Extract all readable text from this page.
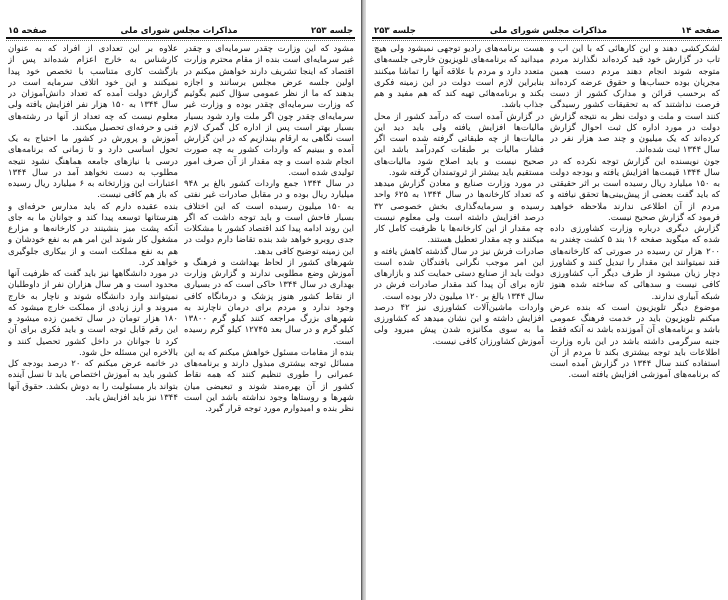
صفحه ۱۵	مذاکرات مجلس شورای ملی	جلسه ۲۵۳

مشود که این وزارت چقدر سرمایه‌ای و چقدر غیر سرمایه‌ای است بنده از مقام محترم وزارت اقتصاد که اینجا تشریف دارند خواهش میکنم در اولین جلسه عرض مجلس برسانند و اجازه بدهند که ما از نظر عمومی سؤال کنیم بگوئیم که وزارت سرمایه‌ای چقدر بوده و وزارت غیر سرمایه‌ای چقدر چون اگر ملت وارد شود بسیار بسیار بهتر است پس از اداره کل گمرک لازم است نگاهی به ارقام بیندازیم که در این گزارش آمده و ببینیم که واردات کشور به چه صورت انجام شده است و چه مقدار از آن صرف امور تولیدی شده است.

در سال ۱۳۴۴ جمع واردات کشور بالغ بر ۹۴۸ میلیارد ریال بوده و در مقابل صادرات غیر نفتی به ۱۵۰ میلیون رسیده است که این اختلاف بسیار فاحش است و باید توجه داشت که اگر این روند ادامه پیدا کند اقتصاد کشور با مشکلات جدی روبرو خواهد شد بنده تقاضا دارم دولت در این زمینه توضیح کافی بدهد.

شهرهای کشور از لحاظ بهداشت و فرهنگ و آموزش وضع مطلوبی ندارند و گزارش وزارت بهداری در سال ۱۳۴۴ حاکی است که در بسیاری از نقاط کشور هنوز پزشک و درمانگاه کافی وجود ندارد و مردم برای درمان ناچارند به شهرهای بزرگ مراجعه کنند کیلو گرم ۱۳۸۰۰ کیلو گرم و در سال بعد ۱۲۷۴۵ کیلو گرم رسیده است.

بنده از مقامات مسئول خواهش میکنم که به این مسائل توجه بیشتری مبذول دارند و برنامه‌های عمرانی را طوری تنظیم کنند که همه نقاط کشور از آن بهره‌مند شوند و تبعیضی میان شهرها و روستاها وجود نداشته باشد این است نظر بنده و امیدوارم مورد توجه قرار گیرد.

علاوه بر این تعدادی از افراد که به عنوان کارشناس به خارج اعزام شده‌اند پس از بازگشت کاری متناسب با تخصص خود پیدا نمیکنند و این خود اتلاف سرمایه است در گزارش دولت آمده که تعداد دانش‌آموزان در سال ۱۳۴۴ به ۱۵۰ هزار نفر افزایش یافته ولی معلوم نیست که چه تعداد از آنها در رشته‌های فنی و حرفه‌ای تحصیل میکنند.

آموزش و پرورش در کشور ما احتیاج به یک تحول اساسی دارد و تا زمانی که برنامه‌های درسی با نیازهای جامعه هماهنگ نشود نتیجه مطلوب به دست نخواهد آمد در سال ۱۳۴۴ اعتبارات این وزارتخانه به ۶ میلیارد ریال رسیده که باز هم کافی نیست.

بنده عقیده دارم که باید مدارس حرفه‌ای و هنرستانها توسعه پیدا کند و جوانان ما به جای آنکه پشت میز بنشینند در کارخانه‌ها و مزارع مشغول کار شوند این امر هم به نفع خودشان و هم به نفع مملکت است و از بیکاری جلوگیری خواهد کرد.

در مورد دانشگاهها نیز باید گفت که ظرفیت آنها محدود است و هر سال هزاران نفر از داوطلبان نمیتوانند وارد دانشگاه شوند و ناچار به خارج میروند و ارز زیادی از مملکت خارج میشود که ۱۸۰ هزار تومان در سال تخمین زده میشود و این رقم قابل توجه است و باید فکری برای آن کرد تا جوانان در داخل کشور تحصیل کنند و بالاخره این مسئله حل شود.

در خاتمه عرض میکنم که ۲۰ درصد بودجه کل کشور باید به آموزش اختصاص یابد تا نسل آینده بتواند بار مسئولیت را به دوش بکشد. حقوق آنها ۱۳۴۴ نیز باید افزایش یابد.

جلسه ۲۵۳	مذاکرات مجلس شورای ملی	صفحه ۱۴

لشکرکشی دهند و این کارهائی که با این آب و تاب در گزارش خود قید کرده‌اند نگذارند مردم متوجه شوند انجام دهند مردم دست همین مجریان بوده حساب‌ها و حقوق عرضه کرده‌اند که برحسب قرائن و مدارک کشور از دست فرصت نداشتند که به تحقیقات کشور رسیدگی کنند است و ملت و دولت نظر به نتیجه گزارش دولت در مورد اداره کل ثبت احوال گزارش کرده‌اند که یک میلیون و چند صد هزار نفر در سال ۱۳۴۴ ثبت شده‌اند.

جون نویسنده این گزارش توجه نکرده که در سال ۱۳۴۴ قیمت‌ها افزایش یافته و بودجه دولت به ۱۵۰ میلیارد ریال رسیده است بر اثر حقیقتی که باید گفت بعضی از پیش‌بینی‌ها تحقق نیافته و مردم از آن اطلاعی ندارند ملاحظه خواهید فرمود که گزارش صحیح نیست.

گزارش دیگری درباره وزارت کشاورزی داده شده که میگوید صفحه ۱۶ بند ۵ کشت چغندر به ۲۰۰ هزار تن رسیده در صورتی که کارخانه‌های قند نمیتوانند این مقدار را تبدیل کنند و کشاورز دچار زیان میشود از طرف دیگر آب کشاورزی کافی نیست و سدهائی که ساخته شده هنوز شبکه آبیاری ندارند.

موضوع دیگر تلویزیون است که بنده عرض میکنم تلویزیون باید در خدمت فرهنگ عمومی باشد و برنامه‌های آن آموزنده باشد نه آنکه فقط جنبه سرگرمی داشته باشد در این باره وزارت اطلاعات باید توجه بیشتری بکند تا مردم از آن استفاده کنند سال ۱۳۴۴ در گزارش آمده است که برنامه‌های آموزشی افزایش یافته است.

هست برنامه‌های رادیو توجهی نمیشود ولی هیچ میدانید که برنامه‌های تلویزیون خارجی جلسه‌های متعدد دارد و مردم با علاقه آنها را تماشا میکنند بنابراین لازم است دولت در این زمینه فکری بکند و برنامه‌هائی تهیه کند که هم مفید و هم جذاب باشد.

در گزارش آمده است که درآمد کشور از محل مالیات‌ها افزایش یافته ولی باید دید این مالیات‌ها از چه طبقاتی گرفته شده است اگر فشار مالیات بر طبقات کم‌درآمد باشد این صحیح نیست و باید اصلاح شود مالیات‌های مستقیم باید بیشتر از ثروتمندان گرفته شود.

در مورد وزارت صنایع و معادن گزارش میدهد که تعداد کارخانه‌ها در سال ۱۳۴۴ به ۶۲۵ واحد رسیده و سرمایه‌گذاری بخش خصوصی ۳۲ درصد افزایش داشته است ولی معلوم نیست چه مقدار از این کارخانه‌ها با ظرفیت کامل کار میکنند و چه مقدار تعطیل هستند.

صادرات فرش نیز در سال گذشته کاهش یافته و این امر موجب نگرانی بافندگان شده است دولت باید از صنایع دستی حمایت کند و بازارهای تازه برای آن پیدا کند مقدار صادرات فرش در سال ۱۳۴۴ بالغ بر ۱۲۰ میلیون دلار بوده است.

واردات ماشین‌آلات کشاورزی نیز ۴۲ درصد افزایش داشته و این نشان میدهد که کشاورزی ما به سوی مکانیزه شدن پیش میرود ولی آموزش کشاورزان کافی نیست.
